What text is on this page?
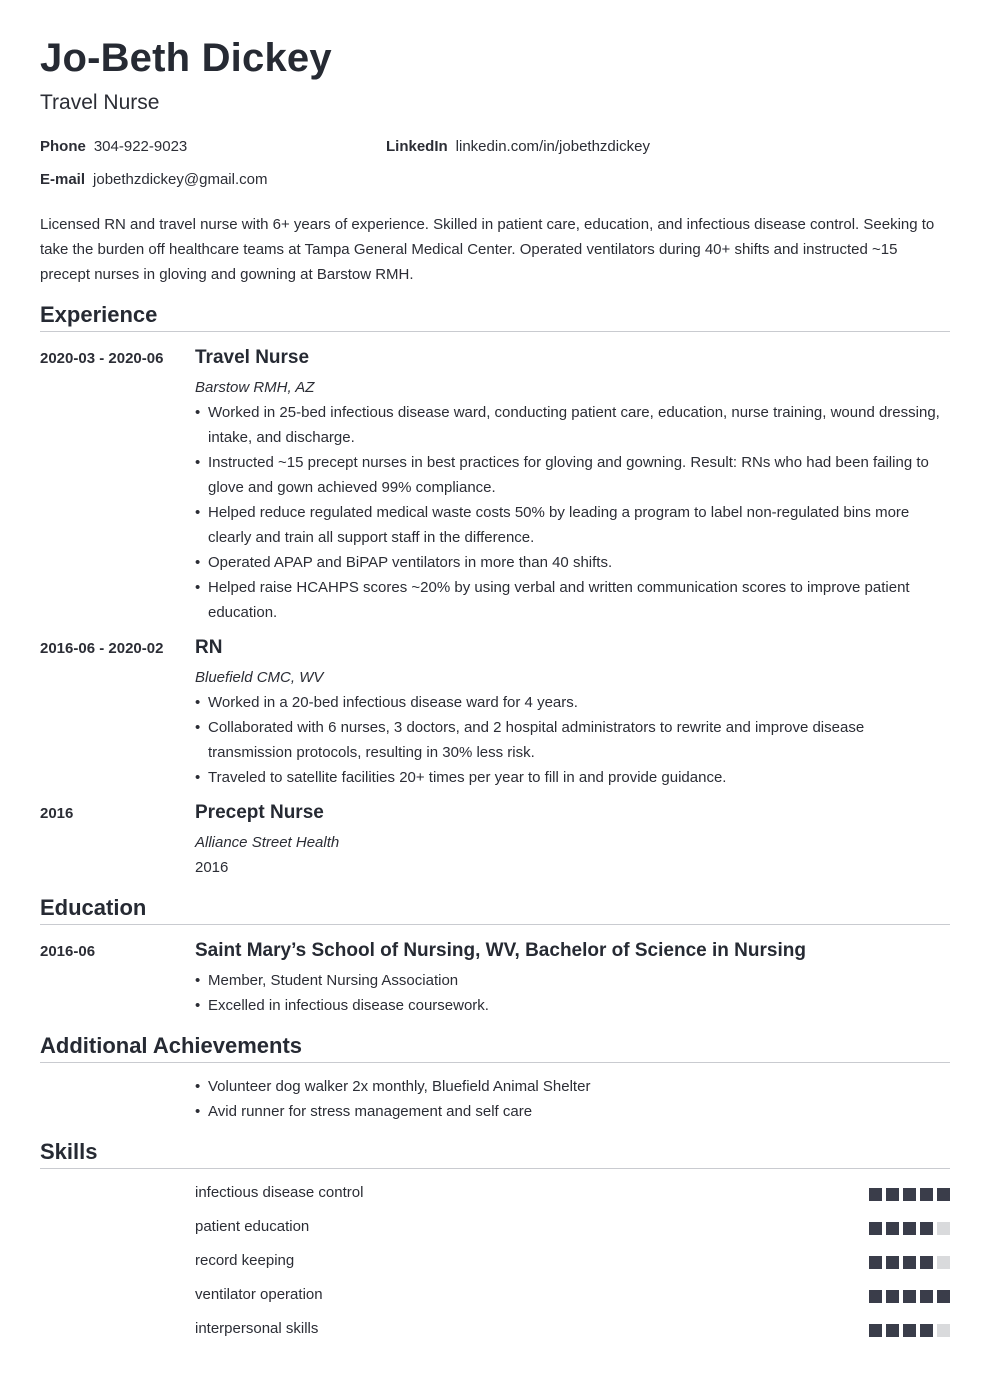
Jo-Beth Dickey
Travel Nurse
Phone 304-922-9023	LinkedIn linkedin.com/in/jobethzdickey
E-mail jobethzdickey@gmail.com
Licensed RN and travel nurse with 6+ years of experience. Skilled in patient care, education, and infectious disease control. Seeking to take the burden off healthcare teams at Tampa General Medical Center. Operated ventilators during 40+ shifts and instructed ~15 precept nurses in gloving and gowning at Barstow RMH.
Experience
2020-03 - 2020-06 Travel Nurse
Barstow RMH, AZ
• Worked in 25-bed infectious disease ward, conducting patient care, education, nurse training, wound dressing, intake, and discharge.
• Instructed ~15 precept nurses in best practices for gloving and gowning. Result: RNs who had been failing to glove and gown achieved 99% compliance.
• Helped reduce regulated medical waste costs 50% by leading a program to label non-regulated bins more clearly and train all support staff in the difference.
• Operated APAP and BiPAP ventilators in more than 40 shifts.
• Helped raise HCAHPS scores ~20% by using verbal and written communication scores to improve patient education.
2016-06 - 2020-02 RN
Bluefield CMC, WV
• Worked in a 20-bed infectious disease ward for 4 years.
• Collaborated with 6 nurses, 3 doctors, and 2 hospital administrators to rewrite and improve disease transmission protocols, resulting in 30% less risk.
• Traveled to satellite facilities 20+ times per year to fill in and provide guidance.
2016	Precept Nurse
Alliance Street Health
2016
Education
2016-06	Saint Mary’s School of Nursing, WV, Bachelor of Science in Nursing
• Member, Student Nursing Association
• Excelled in infectious disease coursework.
Additional Achievements
• Volunteer dog walker 2x monthly, Bluefield Animal Shelter
• Avid runner for stress management and self care
Skills
infectious disease control
patient education
record keeping
ventilator operation
interpersonal skills
